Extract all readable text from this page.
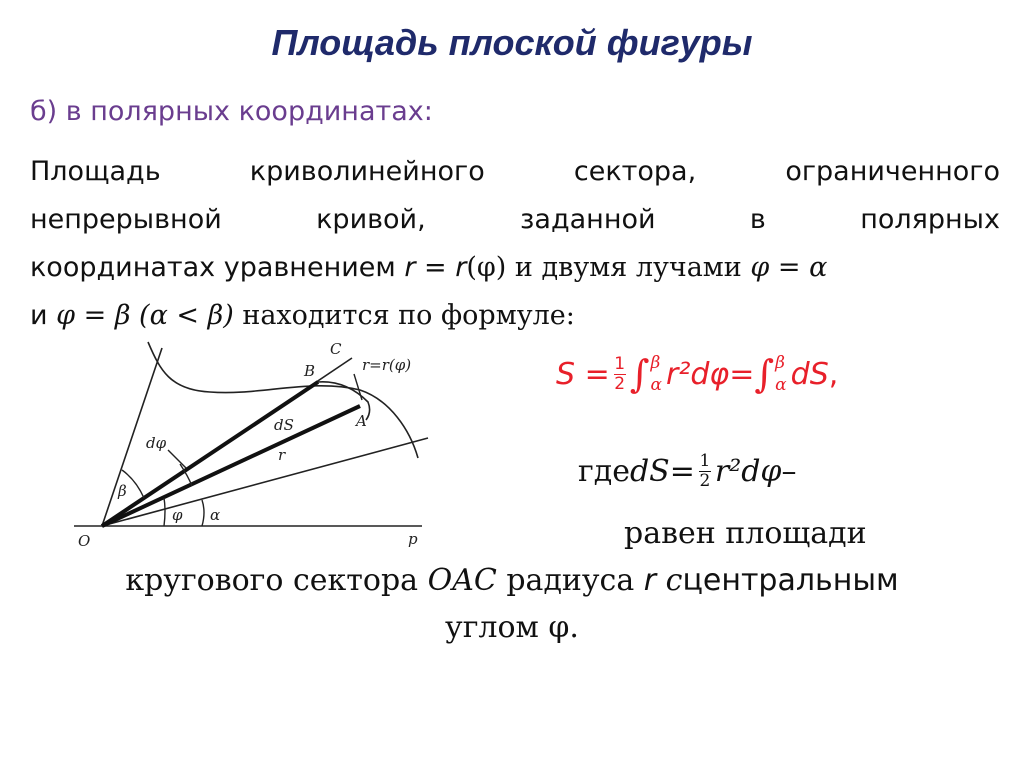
Площадь плоской фигуры
б) в полярных координатах:
Площадь	криволинейного	сектора,	ограниченного
непрерывной	кривой,	заданной	в	полярных
координатах уравнением r = r(φ) и двумя лучами φ = α
и φ = β (α < β) находится по формуле:
C
B
A
O	p
r=r(φ)
dS
r
dφ
β
φ α
$S = \frac{1}{2}$ ∫ β
α r²dφ = ∫ β
α dS ,
где dS = $\frac{1}{2} r^2d\varphi$ –
равен площади
кругового сектора OAC радиуса r cцентральным
углом φ.
